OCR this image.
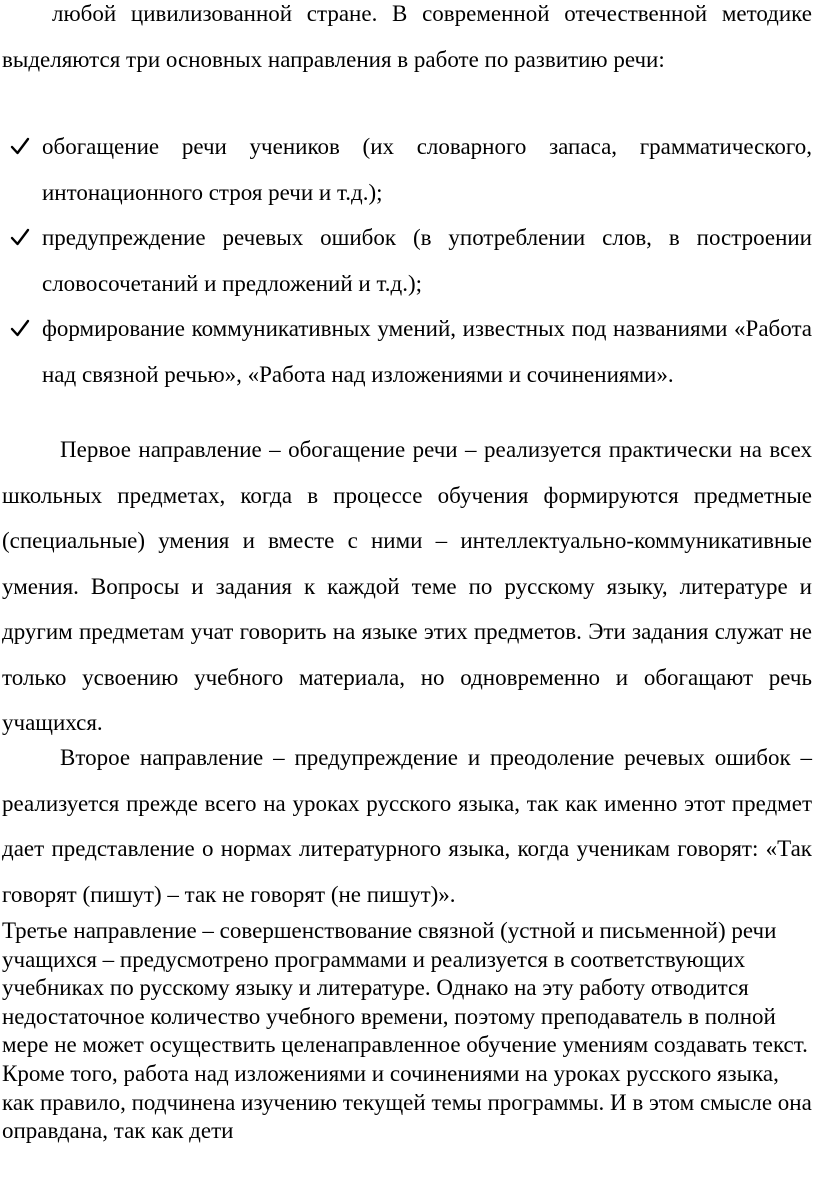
любой цивилизованной стране. В современной отечественной методике выделяются три основных направления в работе по развитию речи:

обогащение речи учеников (их словарного запаса, грамматического, интонационного строя речи и т.д.);
предупреждение речевых ошибок (в употреблении слов, в построении словосочетаний и предложений и т.д.);
формирование коммуникативных умений, известных под названиями «Работа над связной речью», «Работа над изложениями и сочинениями».

Первое направление – обогащение речи – реализуется практически на всех школьных предметах, когда в процессе обучения формируются предметные (специальные) умения и вместе с ними – интеллектуально-коммуникативные умения. Вопросы и задания к каждой теме по русскому языку, литературе и другим предметам учат говорить на языке этих предметов. Эти задания служат не только усвоению учебного материала, но одновременно и обогащают речь учащихся.

Второе направление – предупреждение и преодоление речевых ошибок – реализуется прежде всего на уроках русского языка, так как именно этот предмет дает представление о нормах литературного языка, когда ученикам говорят: «Так говорят (пишут) – так не говорят (не пишут)».

Третье направление – совершенствование связной (устной и письменной) речи учащихся – предусмотрено программами и реализуется в соответствующих учебниках по русскому языку и литературе. Однако на эту работу отводится недостаточное количество учебного времени, поэтому преподаватель в полной мере не может осуществить целенаправленное обучение умениям создавать текст. Кроме того, работа над изложениями и сочинениями на уроках русского языка, как правило, подчинена изучению текущей темы программы. И в этом смысле она оправдана, так как дети
